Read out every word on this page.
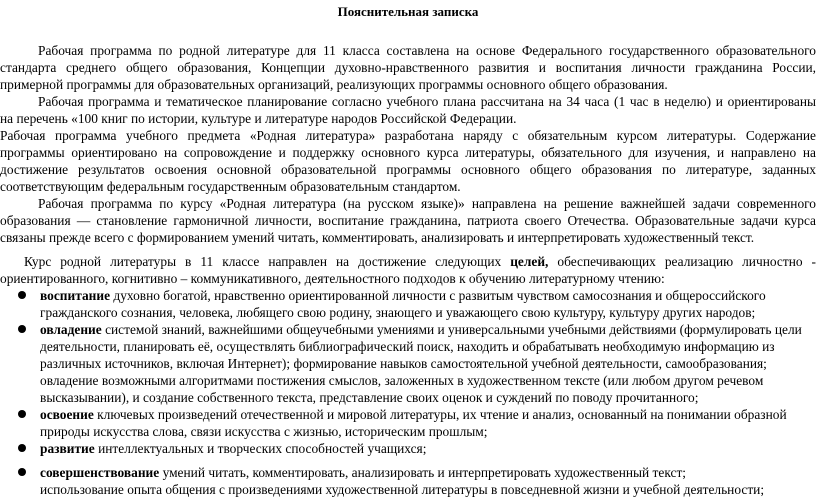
Пояснительная записка
Рабочая программа по родной литературе для 11 класса составлена на основе Федерального государственного образовательного
стандарта среднего общего образования, Концепции духовно-нравственного развития и воспитания личности гражданина России,
примерной программы для образовательных организаций, реализующих программы основного общего образования.
Рабочая программа и тематическое планирование согласно учебного плана рассчитана на 34 часа (1 час в неделю) и ориентированы
на перечень «100 книг по истории, культуре и литературе народов Российской Федерации.
Рабочая программа учебного предмета «Родная литература» разработана наряду с обязательным курсом литературы. Содержание
программы ориентировано на сопровождение и поддержку основного курса литературы, обязательного для изучения, и направлено на
достижение результатов освоения основной образовательной программы основного общего образования по литературе, заданных
соответствующим федеральным государственным образовательным стандартом.
Рабочая программа по курсу «Родная литература (на русском языке)» направлена на решение важнейшей задачи современного
образования — становление гармоничной личности, воспитание гражданина, патриота своего Отечества. Образовательные задачи курса
связаны прежде всего с формированием умений читать, комментировать, анализировать и интерпретировать художественный текст.
Курс родной литературы в 11 классе направлен на достижение следующих целей, обеспечивающих реализацию личностно -
ориентированного, когнитивно – коммуникативного, деятельностного подходов к обучению литературному чтению:
воспитание духовно богатой, нравственно ориентированной личности с развитым чувством самосознания и общероссийского
гражданского сознания, человека, любящего свою родину, знающего и уважающего свою культуру, культуру других народов;
овладение системой знаний, важнейшими общеучебными умениями и универсальными учебными действиями (формулировать цели
деятельности, планировать её, осуществлять библиографический поиск, находить и обрабатывать необходимую информацию из
различных источников, включая Интернет); формирование навыков самостоятельной учебной деятельности, самообразования;
овладение возможными алгоритмами постижения смыслов, заложенных в художественном тексте (или любом другом речевом
высказывании), и создание собственного текста, представление своих оценок и суждений по поводу прочитанного;
освоение ключевых произведений отечественной и мировой литературы, их чтение и анализ, основанный на понимании образной
природы искусства слова, связи искусства с жизнью, историческим прошлым;
развитие интеллектуальных и творческих способностей учащихся;
совершенствование умений читать, комментировать, анализировать и интерпретировать художественный текст;
использование опыта общения с произведениями художественной литературы в повседневной жизни и учебной деятельности;
